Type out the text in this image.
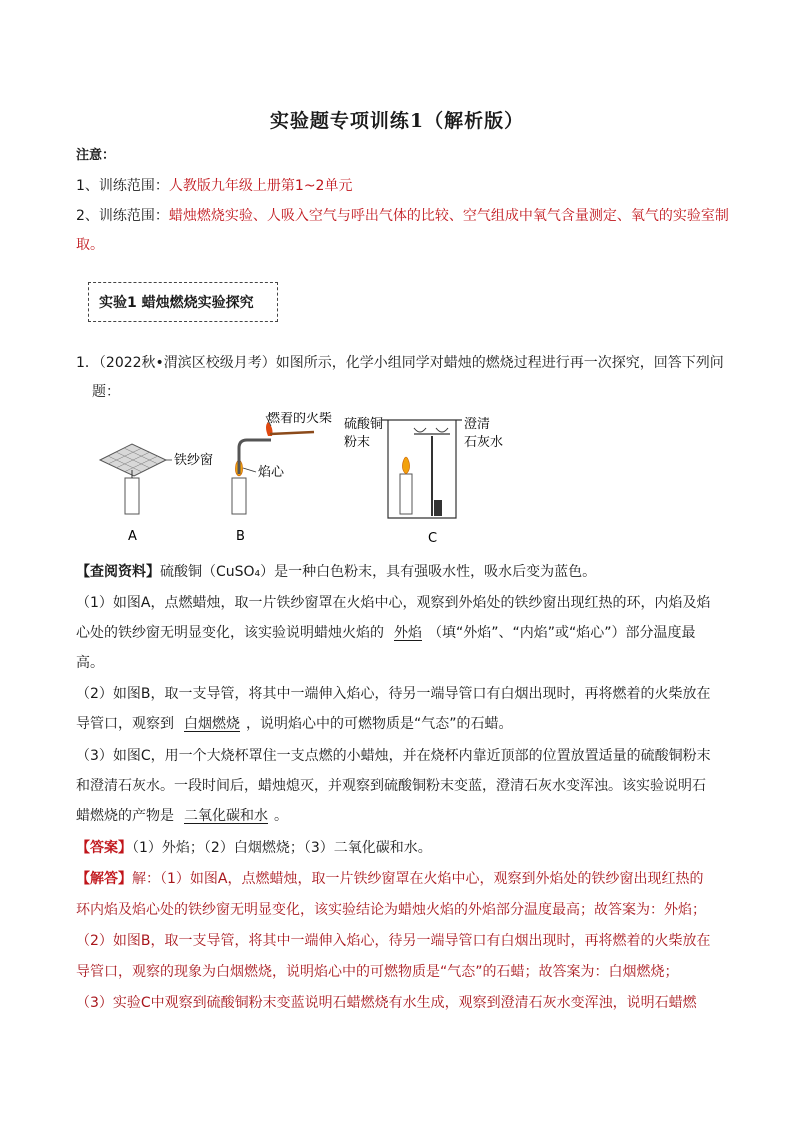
实验题专项训练1（解析版）
注意：
1、训练范围：人教版九年级上册第1~2单元
2、训练范围：蜡烛燃烧实验、人吸入空气与呼出气体的比较、空气组成中氧气含量测定、氧气的实验室制
取。
实验1 蜡烛燃烧实验探究
1．（2022秋•渭滨区校级月考）如图所示，化学小组同学对蜡烛的燃烧过程进行再一次探究，回答下列问
题：
铁纱窗
A
燃着的火柴
焰心
B
硫酸铜
粉末
澄清
石灰水
C
【查阅资料】硫酸铜（CuSO₄）是一种白色粉末，具有强吸水性，吸水后变为蓝色。
（1）如图A，点燃蜡烛，取一片铁纱窗罩在火焰中心，观察到外焰处的铁纱窗出现红热的环，内焰及焰
心处的铁纱窗无明显变化，该实验说明蜡烛火焰的 外焰 （填“外焰”、“内焰”或“焰心”）部分温度最
高。
（2）如图B，取一支导管，将其中一端伸入焰心，待另一端导管口有白烟出现时，再将燃着的火柴放在
导管口，观察到 白烟燃烧 ，说明焰心中的可燃物质是“气态”的石蜡。
（3）如图C，用一个大烧杯罩住一支点燃的小蜡烛，并在烧杯内靠近顶部的位置放置适量的硫酸铜粉末
和澄清石灰水。一段时间后，蜡烛熄灭，并观察到硫酸铜粉末变蓝，澄清石灰水变浑浊。该实验说明石
蜡燃烧的产物是 二氧化碳和水 。
【答案】（1）外焰；（2）白烟燃烧；（3）二氧化碳和水。
【解答】解：（1）如图A，点燃蜡烛，取一片铁纱窗罩在火焰中心，观察到外焰处的铁纱窗出现红热的
环内焰及焰心处的铁纱窗无明显变化，该实验结论为蜡烛火焰的外焰部分温度最高；故答案为：外焰；
（2）如图B，取一支导管，将其中一端伸入焰心，待另一端导管口有白烟出现时，再将燃着的火柴放在
导管口，观察的现象为白烟燃烧，说明焰心中的可燃物质是“气态”的石蜡；故答案为：白烟燃烧；
（3）实验C中观察到硫酸铜粉末变蓝说明石蜡燃烧有水生成，观察到澄清石灰水变浑浊，说明石蜡燃
